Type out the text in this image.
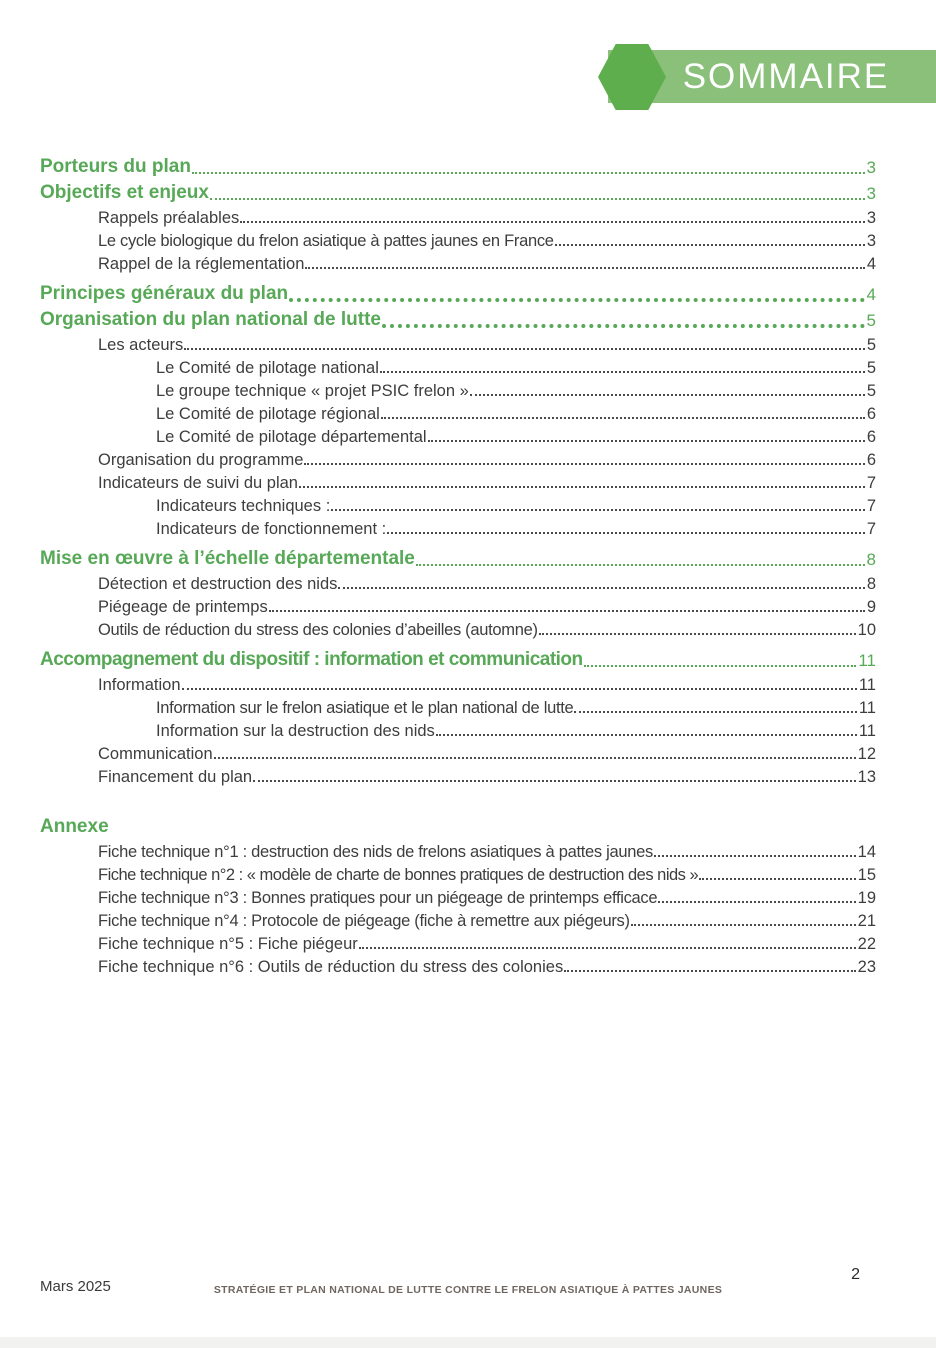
SOMMAIRE
Porteurs du plan	3
Objectifs et enjeux	3
Rappels préalables	3
Le cycle biologique du frelon asiatique à pattes jaunes en France	3
Rappel de la réglementation	4
Principes généraux du plan	4
Organisation du plan national de lutte	5
Les acteurs	5
Le Comité de pilotage national	5
Le groupe technique « projet PSIC frelon »	5
Le Comité de pilotage régional	6
Le Comité de pilotage départemental	6
Organisation du programme	6
Indicateurs de suivi du plan	7
Indicateurs techniques :	7
Indicateurs de fonctionnement :	7
Mise en œuvre à l’échelle départementale	8
Détection et destruction des nids	8
Piégeage de printemps	9
Outils de réduction du stress des colonies d’abeilles (automne)	10
Accompagnement du dispositif : information et communication	11
Information	11
Information sur le frelon asiatique et le plan national de lutte	11
Information sur la destruction des nids	11
Communication	12
Financement du plan	13
Annexe
Fiche technique n°1 : destruction des nids de frelons asiatiques à pattes jaunes	14
Fiche technique n°2 : « modèle de charte de bonnes pratiques de destruction des nids »	15
Fiche technique n°3 : Bonnes pratiques pour un piégeage de printemps efficace	19
Fiche technique n°4 : Protocole de piégeage (fiche à remettre aux piégeurs)	21
Fiche technique n°5 : Fiche piégeur	22
Fiche technique n°6 : Outils de réduction du stress des colonies	23
Mars 2025	STRATÉGIE ET PLAN NATIONAL DE LUTTE CONTRE LE FRELON ASIATIQUE À PATTES JAUNES
2
